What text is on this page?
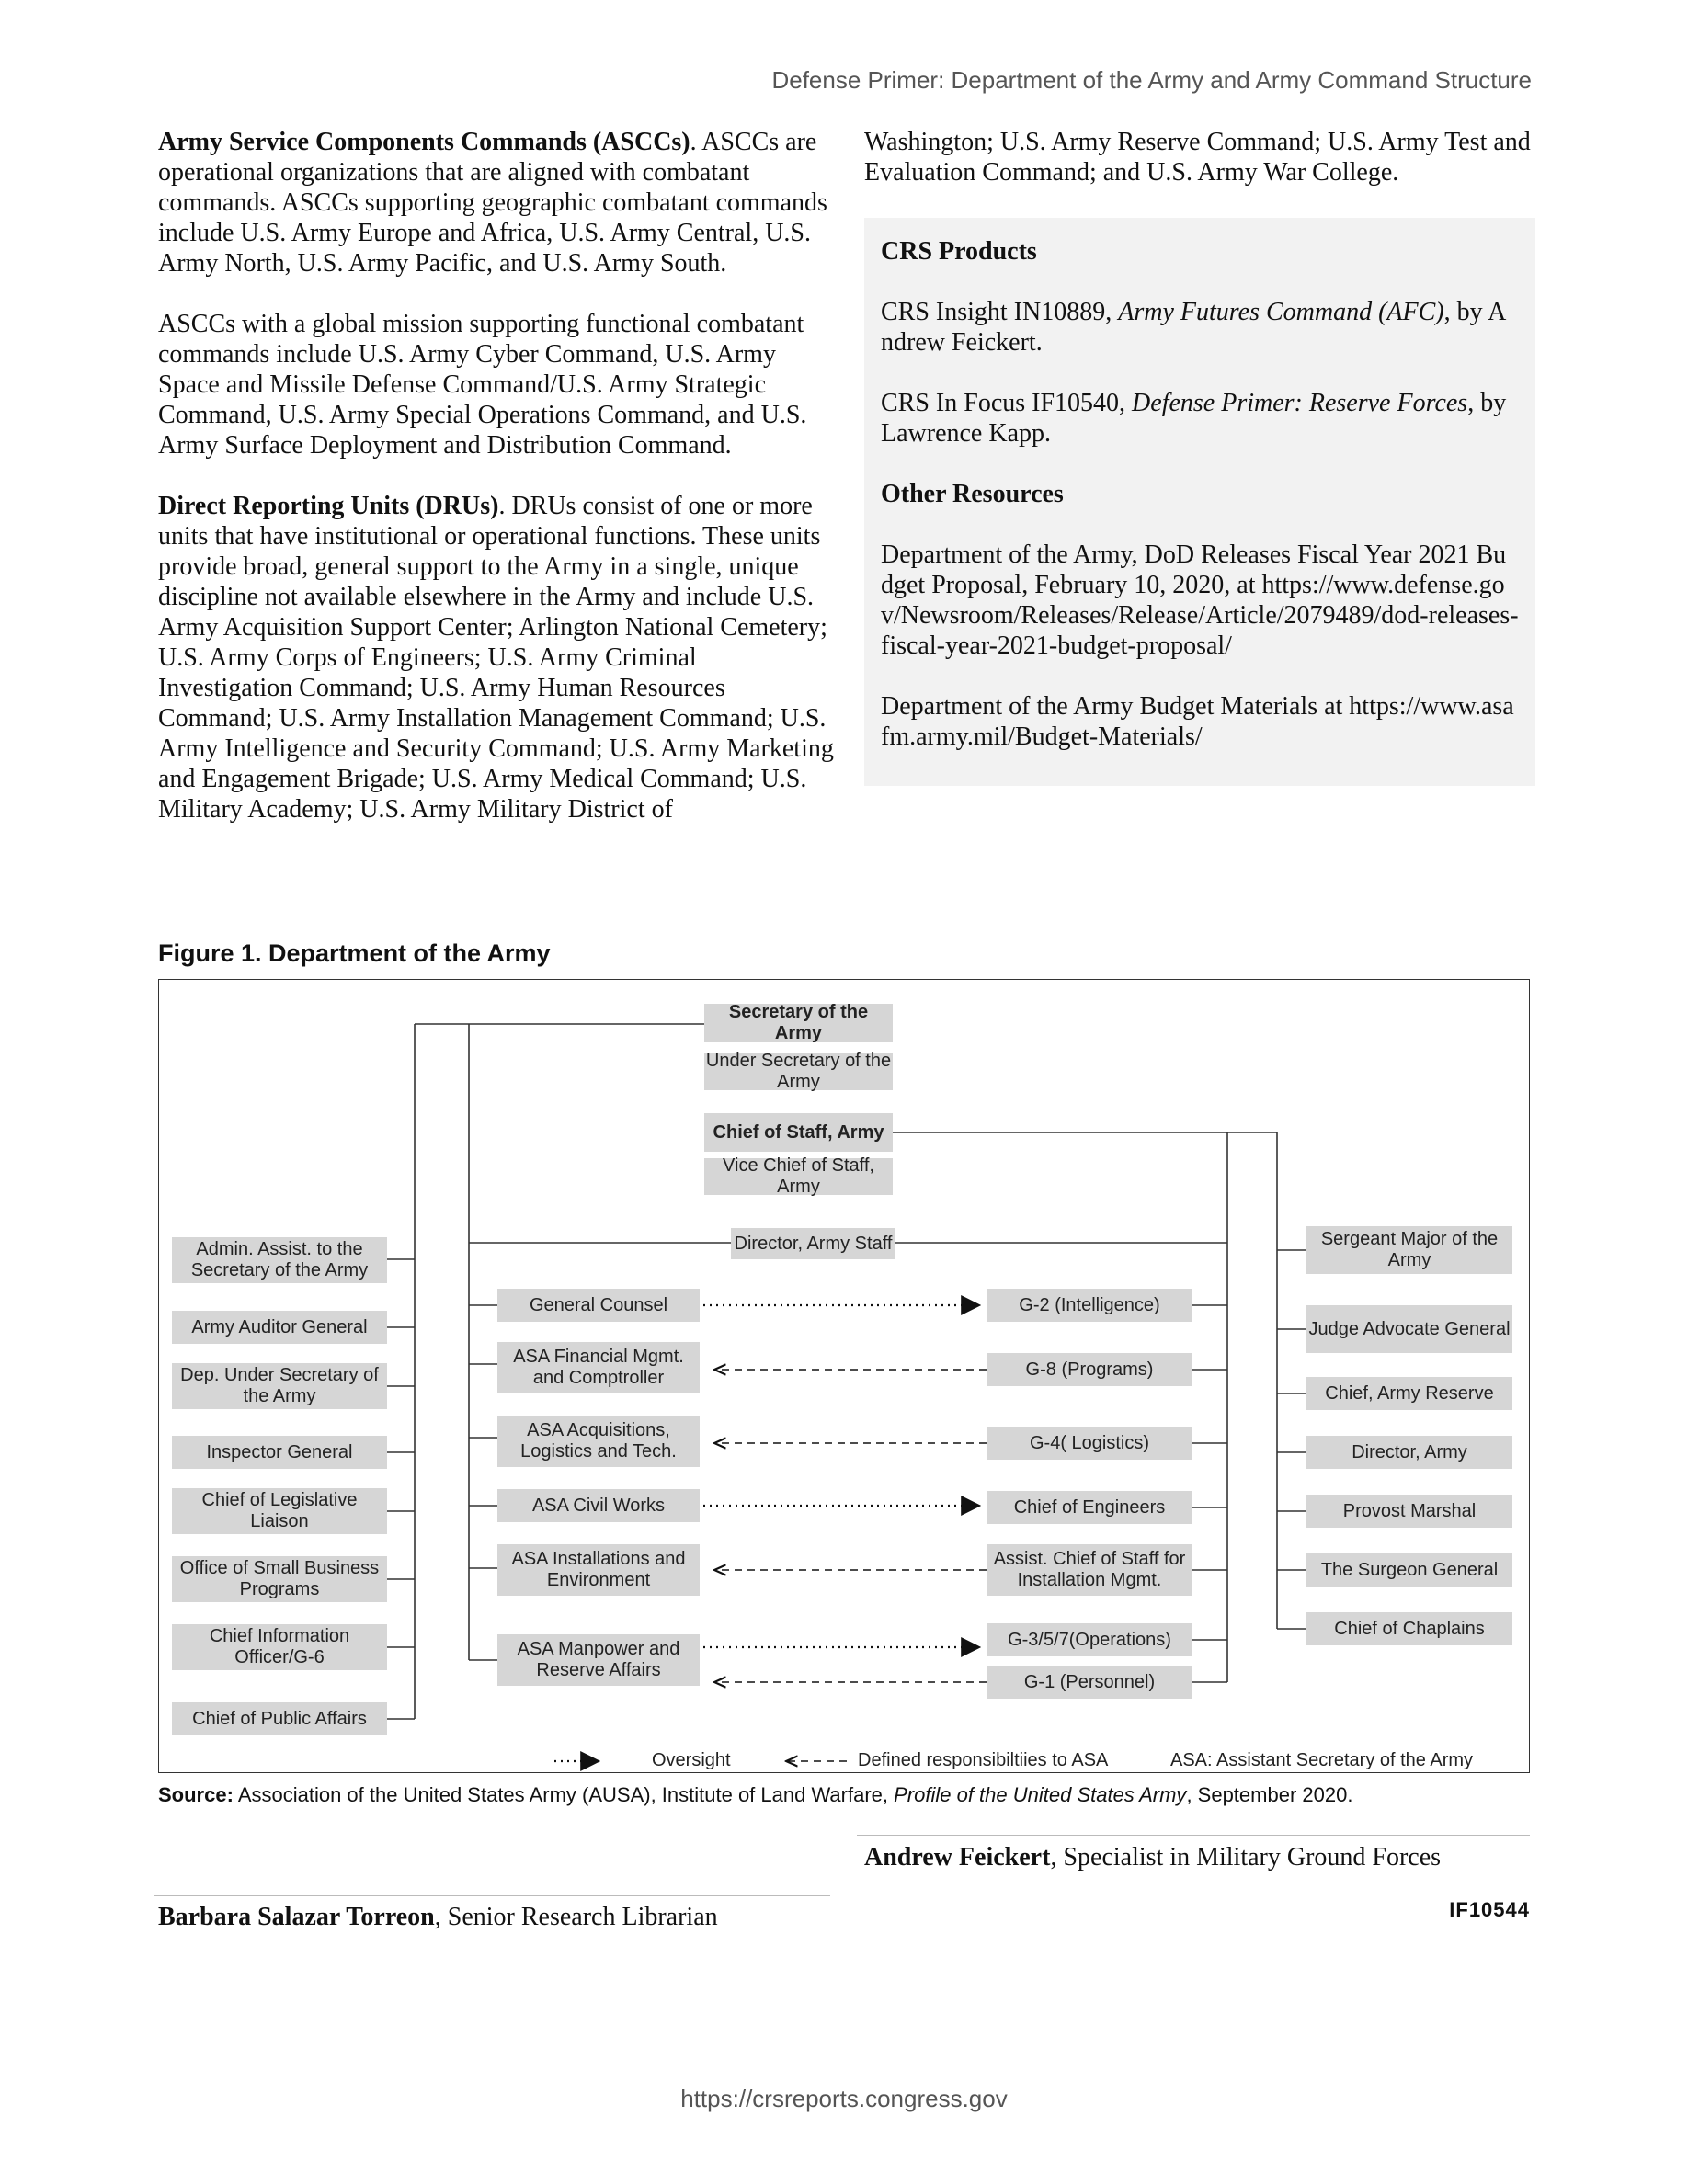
Defense Primer: Department of the Army and Army Command Structure

Army Service Components Commands (ASCCs). ASCCs are operational organizations that are aligned with combatant commands. ASCCs supporting geographic combatant commands include U.S. Army Europe and Africa, U.S. Army Central, U.S. Army North, U.S. Army Pacific, and U.S. Army South.

ASCCs with a global mission supporting functional combatant commands include U.S. Army Cyber Command, U.S. Army Space and Missile Defense Command/U.S. Army Strategic Command, U.S. Army Special Operations Command, and U.S. Army Surface Deployment and Distribution Command.

Direct Reporting Units (DRUs). DRUs consist of one or more units that have institutional or operational functions. These units provide broad, general support to the Army in a single, unique discipline not available elsewhere in the Army and include U.S. Army Acquisition Support Center; Arlington National Cemetery; U.S. Army Corps of Engineers; U.S. Army Criminal Investigation Command; U.S. Army Human Resources Command; U.S. Army Installation Management Command; U.S. Army Intelligence and Security Command; U.S. Army Marketing and Engagement Brigade; U.S. Army Medical Command; U.S. Military Academy; U.S. Army Military District of

Washington; U.S. Army Reserve Command; U.S. Army Test and Evaluation Command; and U.S. Army War College.

CRS Products

CRS Insight IN10889, Army Futures Command (AFC), by Andrew Feickert.

CRS In Focus IF10540, Defense Primer: Reserve Forces, by Lawrence Kapp.

Other Resources

Department of the Army, DoD Releases Fiscal Year 2021 Budget Proposal, February 10, 2020, at https://www.defense.gov/Newsroom/Releases/Release/Article/2079489/dod-releases-fiscal-year-2021-budget-proposal/

Department of the Army Budget Materials at https://www.asafm.army.mil/Budget-Materials/

Figure 1. Department of the Army
Secretary of the Army
Under Secretary of the Army
Chief of Staff, Army
Vice Chief of Staff, Army
Director, Army Staff
Admin. Assist. to the Secretary of the Army
Army Auditor General
Dep. Under Secretary of the Army
Inspector General
Chief of Legislative Liaison
Office of Small Business Programs
Chief Information Officer/G-6
Chief of Public Affairs
General Counsel
ASA Financial Mgmt. and Comptroller
ASA Acquisitions, Logistics and Tech.
ASA Civil Works
ASA Installations and Environment
ASA Manpower and Reserve Affairs
G-2 (Intelligence)
G-8 (Programs)
G-4( Logistics)
Chief of Engineers
Assist. Chief of Staff for Installation Mgmt.
G-3/5/7(Operations)
G-1 (Personnel)
Sergeant Major of the Army
Judge Advocate General
Chief, Army Reserve
Director, Army
Provost Marshal
The Surgeon General
Chief of Chaplains
Oversight	Defined responsibiltiies to ASA	ASA: Assistant Secretary of the Army
Source: Association of the United States Army (AUSA), Institute of Land Warfare, Profile of the United States Army, September 2020.
Andrew Feickert, Specialist in Military Ground Forces
IF10544
Barbara Salazar Torreon, Senior Research Librarian
https://crsreports.congress.gov
